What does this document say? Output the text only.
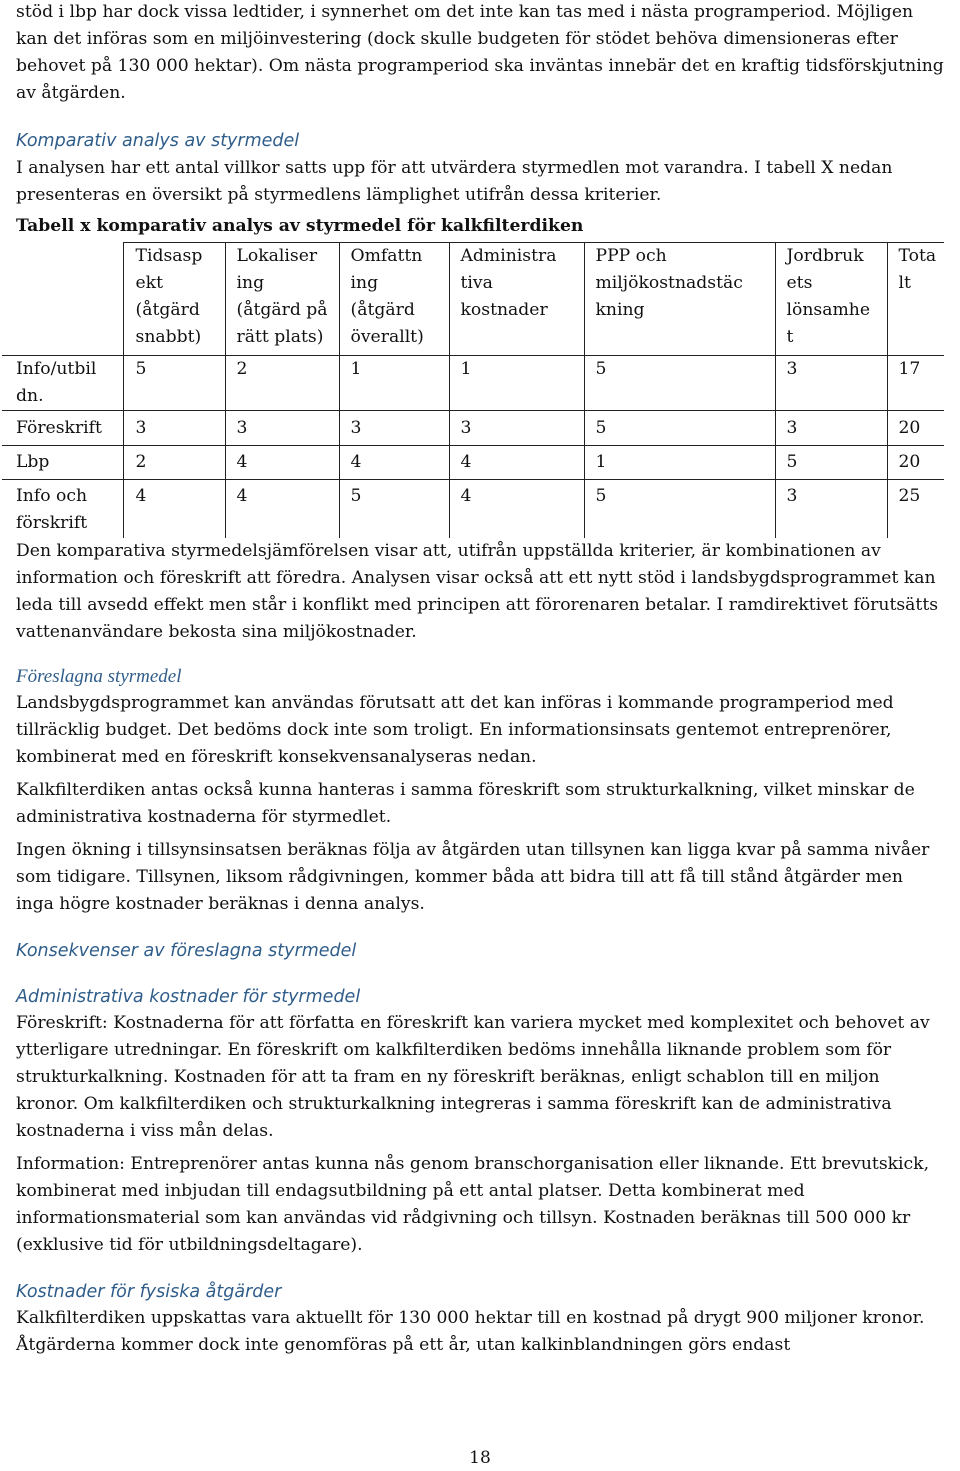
stöd i lbp har dock vissa ledtider, i synnerhet om det inte kan tas med i nästa programperiod. Möjligen kan det införas som en miljöinvestering (dock skulle budgeten för stödet behöva dimensioneras efter behovet på 130 000 hektar). Om nästa programperiod ska inväntas innebär det en kraftig tidsförskjutning av åtgärden.

Komparativ analys av styrmedel

I analysen har ett antal villkor satts upp för att utvärdera styrmedlen mot varandra. I tabell X nedan presenteras en översikt på styrmedlens lämplighet utifrån dessa kriterier.

Tabell x komparativ analys av styrmedel för kalkfilterdiken

	Tidsasp ekt (åtgärd snabbt)	Lokaliser ing (åtgärd på rätt plats)	Omfattn ing (åtgärd överallt)	Administra tiva kostnader	PPP och miljökostnadstäc kning	Jordbruk ets lönsamhe t	Tota lt
Info/utbil dn.	5	2	1	1	5	3	17
Föreskrift	3	3	3	3	5	3	20
Lbp	2	4	4	4	1	5	20
Info och förskrift	4	4	5	4	5	3	25

Den komparativa styrmedelsjämförelsen visar att, utifrån uppställda kriterier, är kombinationen av information och föreskrift att föredra. Analysen visar också att ett nytt stöd i landsbygdsprogrammet kan leda till avsedd effekt men står i konflikt med principen att förorenaren betalar. I ramdirektivet förutsätts vattenanvändare bekosta sina miljökostnader.

Föreslagna styrmedel

Landsbygdsprogrammet kan användas förutsatt att det kan införas i kommande programperiod med tillräcklig budget. Det bedöms dock inte som troligt. En informationsinsats gentemot entreprenörer, kombinerat med en föreskrift konsekvensanalyseras nedan.

Kalkfilterdiken antas också kunna hanteras i samma föreskrift som strukturkalkning, vilket minskar de administrativa kostnaderna för styrmedlet.

Ingen ökning i tillsynsinsatsen beräknas följa av åtgärden utan tillsynen kan ligga kvar på samma nivåer som tidigare. Tillsynen, liksom rådgivningen, kommer båda att bidra till att få till stånd åtgärder men inga högre kostnader beräknas i denna analys.

Konsekvenser av föreslagna styrmedel

Administrativa kostnader för styrmedel

Föreskrift: Kostnaderna för att författa en föreskrift kan variera mycket med komplexitet och behovet av ytterligare utredningar. En föreskrift om kalkfilterdiken bedöms innehålla liknande problem som för strukturkalkning. Kostnaden för att ta fram en ny föreskrift beräknas, enligt schablon till en miljon kronor. Om kalkfilterdiken och strukturkalkning integreras i samma föreskrift kan de administrativa kostnaderna i viss mån delas.

Information: Entreprenörer antas kunna nås genom branschorganisation eller liknande. Ett brevutskick, kombinerat med inbjudan till endagsutbildning på ett antal platser. Detta kombinerat med informationsmaterial som kan användas vid rådgivning och tillsyn. Kostnaden beräknas till 500 000 kr (exklusive tid för utbildningsdeltagare).

Kostnader för fysiska åtgärder

Kalkfilterdiken uppskattas vara aktuellt för 130 000 hektar till en kostnad på drygt 900 miljoner kronor. Åtgärderna kommer dock inte genomföras på ett år, utan kalkinblandningen görs endast

18
